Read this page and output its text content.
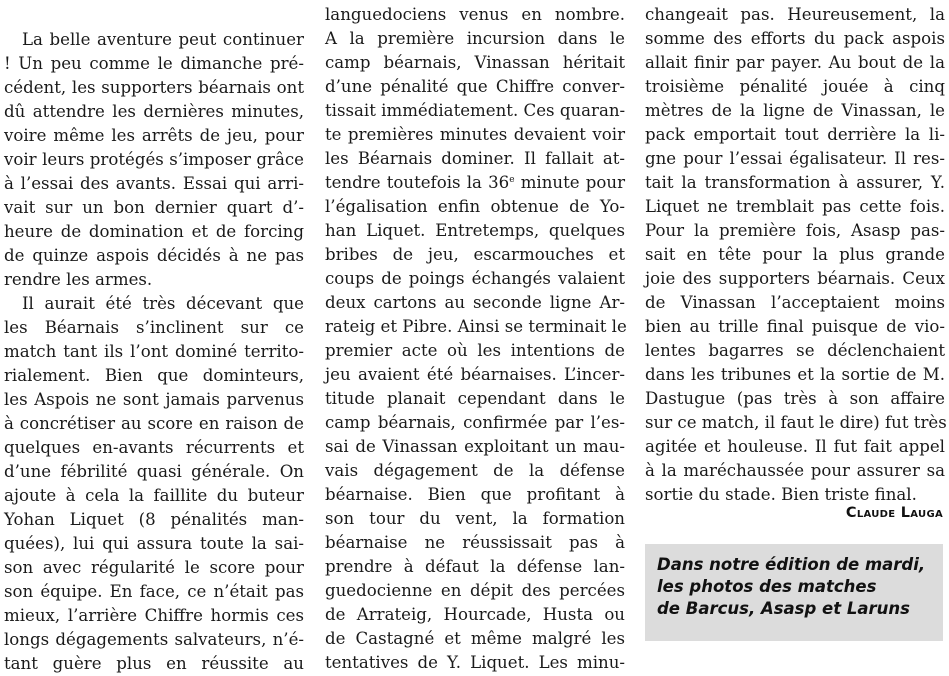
La belle aventure peut continuer
! Un peu comme le dimanche pré-
cédent, les supporters béarnais ont
dû attendre les dernières minutes,
voire même les arrêts de jeu, pour
voir leurs protégés s’imposer grâce
à l’essai des avants. Essai qui arri-
vait sur un bon dernier quart d’-
heure de domination et de forcing
de quinze aspois décidés à ne pas
rendre les armes.
Il aurait été très décevant que
les Béarnais s’inclinent sur ce
match tant ils l’ont dominé territo-
rialement. Bien que dominteurs,
les Aspois ne sont jamais parvenus
à concrétiser au score en raison de
quelques en-avants récurrents et
d’une fébrilité quasi générale. On
ajoute à cela la faillite du buteur
Yohan Liquet (8 pénalités man-
quées), lui qui assura toute la sai-
son avec régularité le score pour
son équipe. En face, ce n’était pas
mieux, l’arrière Chiffre hormis ces
longs dégagements salvateurs, n’é-
tant guère plus en réussite au
languedociens venus en nombre.
A la première incursion dans le
camp béarnais, Vinassan héritait
d’une pénalité que Chiffre conver-
tissait immédiatement. Ces quaran-
te premières minutes devaient voir
les Béarnais dominer. Il fallait at-
tendre toutefois la 36e minute pour
l’égalisation enfin obtenue de Yo-
han Liquet. Entretemps, quelques
bribes de jeu, escarmouches et
coups de poings échangés valaient
deux cartons au seconde ligne Ar-
rateig et Pibre. Ainsi se terminait le
premier acte où les intentions de
jeu avaient été béarnaises. L’incer-
titude planait cependant dans le
camp béarnais, confirmée par l’es-
sai de Vinassan exploitant un mau-
vais dégagement de la défense
béarnaise. Bien que profitant à
son tour du vent, la formation
béarnaise ne réussissait pas à
prendre à défaut la défense lan-
guedocienne en dépit des percées
de Arrateig, Hourcade, Husta ou
de Castagné et même malgré les
tentatives de Y. Liquet. Les minu-
changeait pas. Heureusement, la
somme des efforts du pack aspois
allait finir par payer. Au bout de la
troisième pénalité jouée à cinq
mètres de la ligne de Vinassan, le
pack emportait tout derrière la li-
gne pour l’essai égalisateur. Il res-
tait la transformation à assurer, Y.
Liquet ne tremblait pas cette fois.
Pour la première fois, Asasp pas-
sait en tête pour la plus grande
joie des supporters béarnais. Ceux
de Vinassan l’acceptaient moins
bien au trille final puisque de vio-
lentes bagarres se déclenchaient
dans les tribunes et la sortie de M.
Dastugue (pas très à son affaire
sur ce match, il faut le dire) fut très
agitée et houleuse. Il fut fait appel
à la maréchaussée pour assurer sa
sortie du stade. Bien triste final.
Claude Lauga
Dans notre édition de mardi,
les photos des matches
de Barcus, Asasp et Laruns
